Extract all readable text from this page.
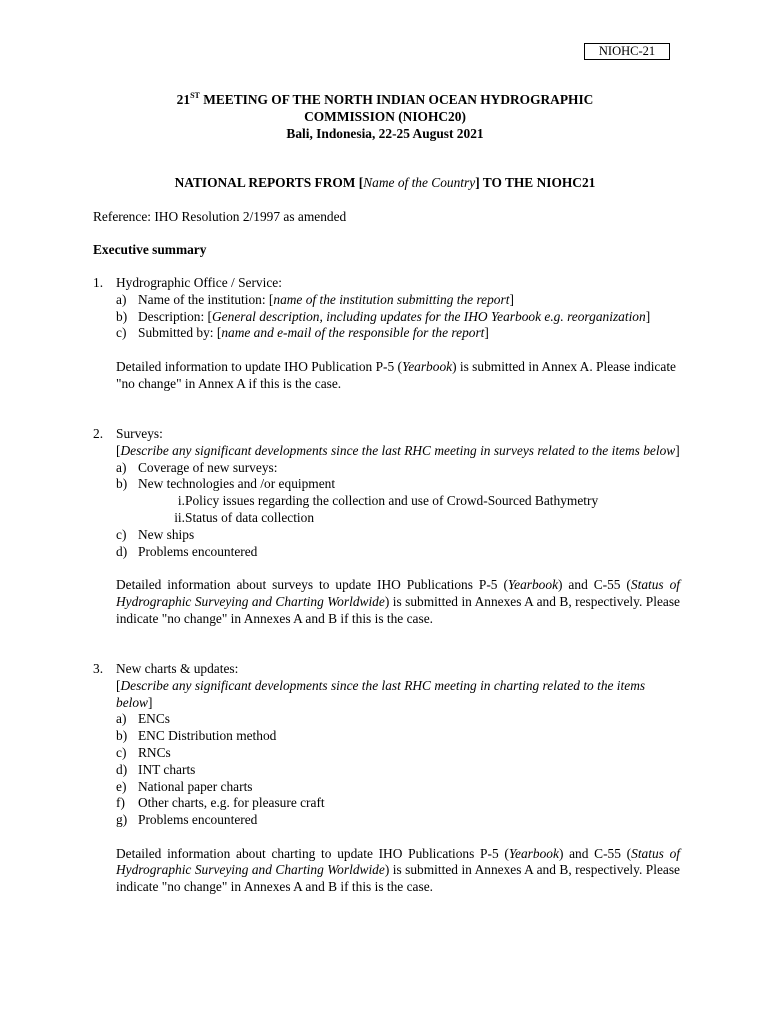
NIOHC-21
21ST MEETING OF THE NORTH INDIAN OCEAN HYDROGRAPHIC
COMMISSION (NIOHC20)
Bali, Indonesia, 22-25 August 2021
NATIONAL REPORTS FROM [Name of the Country] TO THE NIOHC21
Reference: IHO Resolution 2/1997 as amended
Executive summary
1. Hydrographic Office / Service:
a) Name of the institution: [name of the institution submitting the report]
b) Description: [General description, including updates for the IHO Yearbook e.g. reorganization]
c) Submitted by: [name and e-mail of the responsible for the report]
Detailed information to update IHO Publication P-5 (Yearbook) is submitted in Annex A. Please indicate "no change" in Annex A if this is the case.
2. Surveys:
[Describe any significant developments since the last RHC meeting in surveys related to the items below]
a) Coverage of new surveys:
b) New technologies and /or equipment
i. Policy issues regarding the collection and use of Crowd-Sourced Bathymetry
ii. Status of data collection
c) New ships
d) Problems encountered
Detailed information about surveys to update IHO Publications P-5 (Yearbook) and C-55 (Status of Hydrographic Surveying and Charting Worldwide) is submitted in Annexes A and B, respectively. Please indicate "no change" in Annexes A and B if this is the case.
3. New charts & updates:
[Describe any significant developments since the last RHC meeting in charting related to the items below]
a) ENCs
b) ENC Distribution method
c) RNCs
d) INT charts
e) National paper charts
f) Other charts, e.g. for pleasure craft
g) Problems encountered
Detailed information about charting to update IHO Publications P-5 (Yearbook) and C-55 (Status of Hydrographic Surveying and Charting Worldwide) is submitted in Annexes A and B, respectively. Please indicate "no change" in Annexes A and B if this is the case.
